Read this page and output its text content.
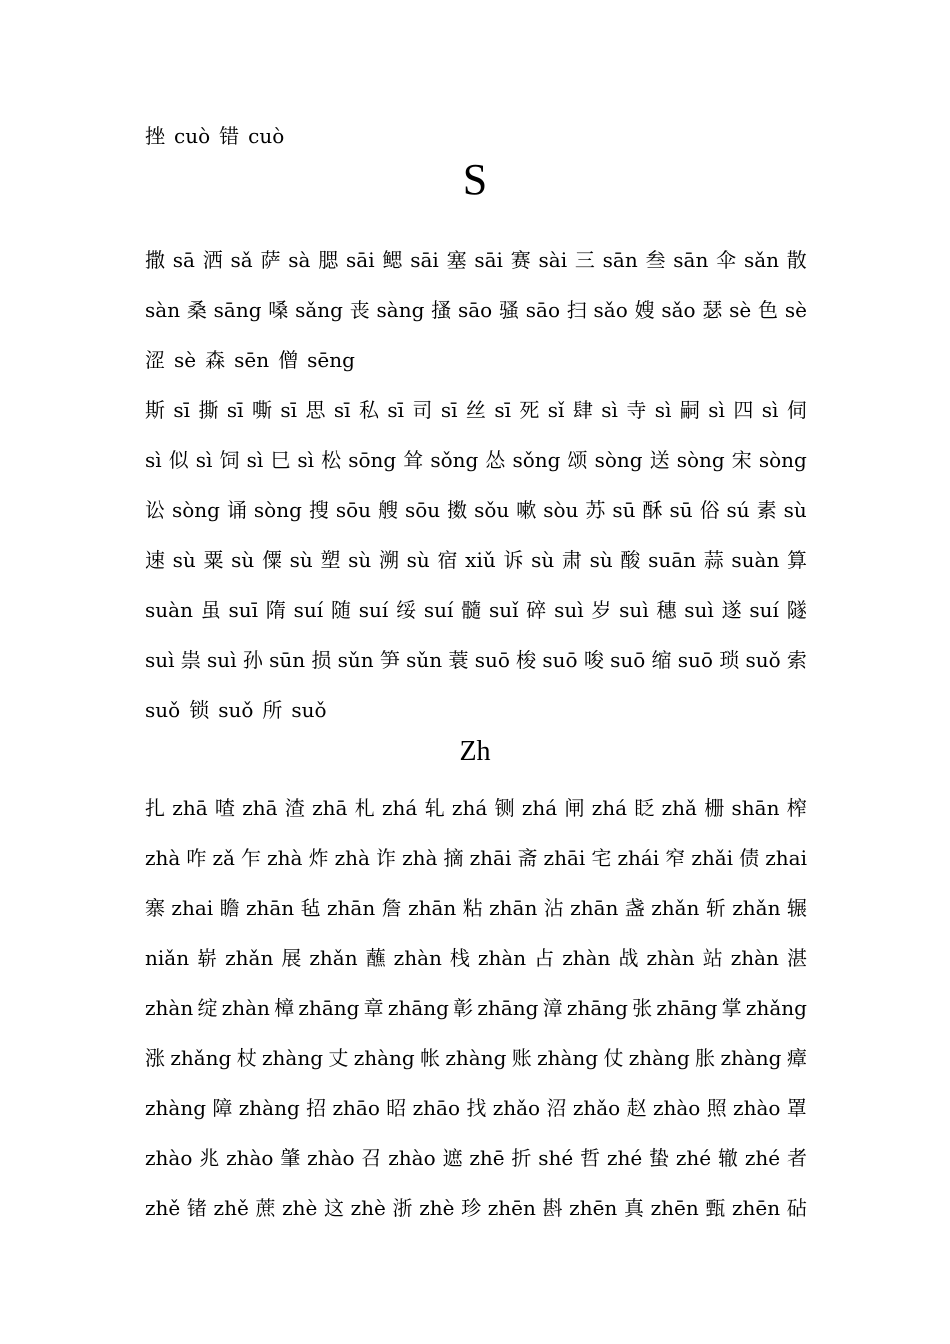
挫 cuò 错 cuò
S
撒 sā 洒 sǎ 萨 sà 腮 sāi 鳃 sāi 塞 sāi 赛 sài 三 sān 叁 sān 伞 sǎn 散
sàn 桑 sāng 嗓 sǎng 丧 sàng 搔 sāo 骚 sāo 扫 sǎo 嫂 sǎo 瑟 sè 色 sè
涩 sè 森 sēn 僧 sēng
斯 sī 撕 sī 嘶 sī 思 sī 私 sī 司 sī 丝 sī 死 sǐ 肆 sì 寺 sì 嗣 sì 四 sì 伺
sì 似 sì 饲 sì 巳 sì 松 sōng 耸 sǒng 怂 sǒng 颂 sòng 送 sòng 宋 sòng
讼 sòng 诵 sòng 搜 sōu 艘 sōu 擞 sǒu 嗽 sòu 苏 sū 酥 sū 俗 sú 素 sù
速 sù 粟 sù 僳 sù 塑 sù 溯 sù 宿 xiǔ 诉 sù 肃 sù 酸 suān 蒜 suàn 算
suàn 虽 suī 隋 suí 随 suí 绥 suí 髓 suǐ 碎 suì 岁 suì 穗 suì 遂 suí 隧
suì 祟 suì 孙 sūn 损 sǔn 笋 sǔn 蓑 suō 梭 suō 唆 suō 缩 suō 琐 suǒ 索
suǒ 锁 suǒ 所 suǒ
Zh
扎 zhā 喳 zhā 渣 zhā 札 zhá 轧 zhá 铡 zhá 闸 zhá 眨 zhǎ 栅 shān 榨
zhà 咋 zǎ 乍 zhà 炸 zhà 诈 zhà 摘 zhāi 斋 zhāi 宅 zhái 窄 zhǎi 债 zhai
寨 zhai 瞻 zhān 毡 zhān 詹 zhān 粘 zhān 沾 zhān 盏 zhǎn 斩 zhǎn 辗
niǎn 崭 zhǎn 展 zhǎn 蘸 zhàn 栈 zhàn 占 zhàn 战 zhàn 站 zhàn 湛
zhàn 绽 zhàn 樟 zhāng 章 zhāng 彰 zhāng 漳 zhāng 张 zhāng 掌 zhǎng
涨 zhǎng 杖 zhàng 丈 zhàng 帐 zhàng 账 zhàng 仗 zhàng 胀 zhàng 瘴
zhàng 障 zhàng 招 zhāo 昭 zhāo 找 zhǎo 沼 zhǎo 赵 zhào 照 zhào 罩
zhào 兆 zhào 肇 zhào 召 zhào 遮 zhē 折 shé 哲 zhé 蛰 zhé 辙 zhé 者
zhě 锗 zhě 蔗 zhè 这 zhè 浙 zhè 珍 zhēn 斟 zhēn 真 zhēn 甄 zhēn 砧
